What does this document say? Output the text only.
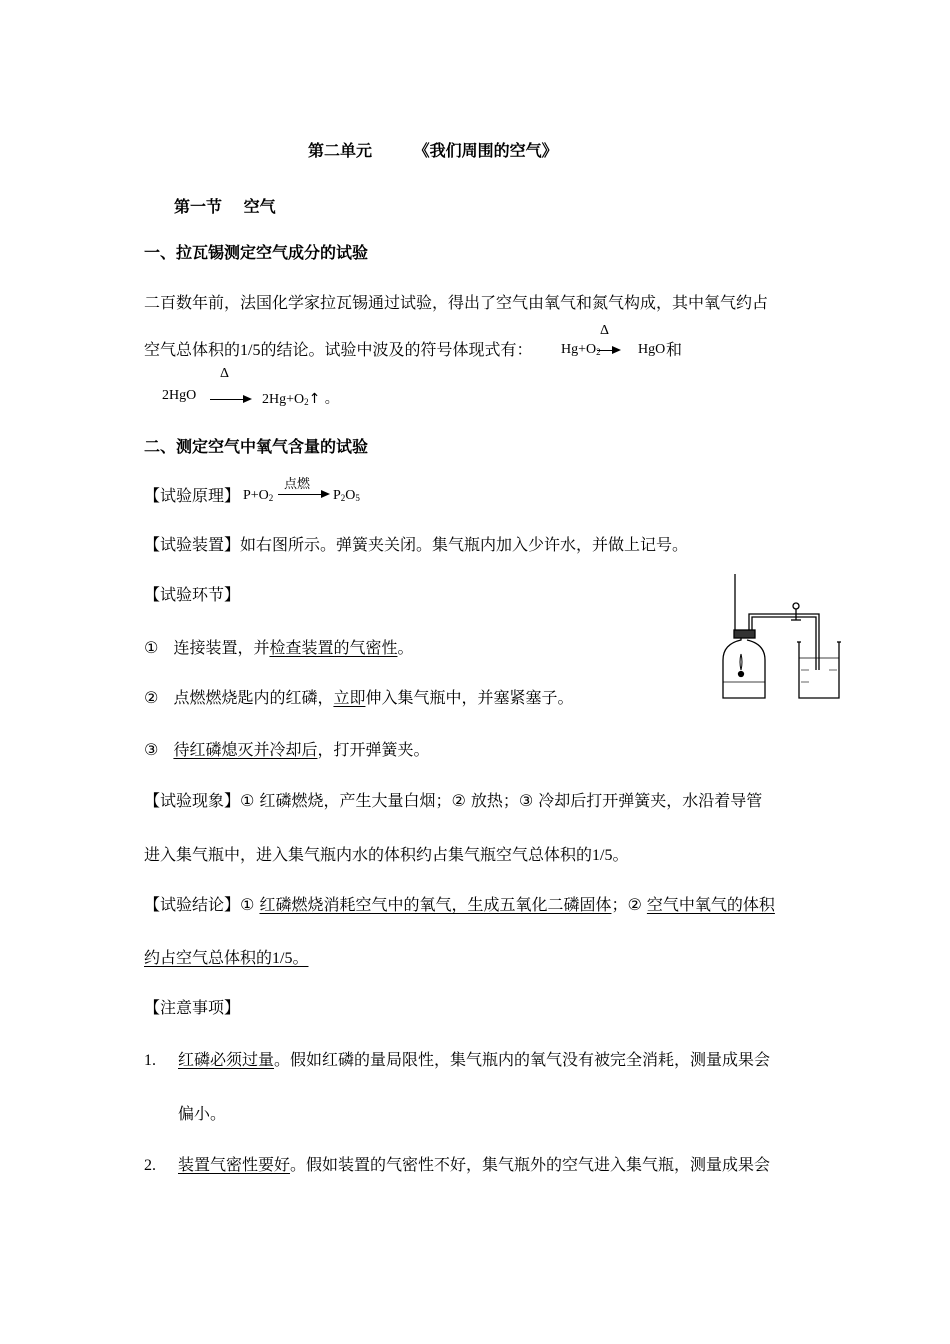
第二单元	《我们周围的空气》
第一节 空气
一、拉瓦锡测定空气成分的试验
二百数年前，法国化学家拉瓦锡通过试验，得出了空气由氧气和氮气构成，其中氧气约占
空气总体积的1/5的结论。试验中波及的符号体现式有： $Hg+O_2$
Δ
→ HgO 和
2HgO
Δ
→ $2Hg+O_2↑$ 。
二、测定空气中氧气含量的试验
【试验原理】 $P+O_2$
点燃
→ $P_2O_5$
【试验装置】如右图所示。弹簧夹关闭。集气瓶内加入少许水，并做上记号。
【试验环节】
① 连接装置，并检查装置的气密性。
② 点燃燃烧匙内的红磷，立即伸入集气瓶中，并塞紧塞子。
③ 待红磷熄灭并冷却后，打开弹簧夹。
【试验现象】① 红磷燃烧，产生大量白烟；② 放热；③ 冷却后打开弹簧夹，水沿着导管
进入集气瓶中，进入集气瓶内水的体积约占集气瓶空气总体积的1/5。
【试验结论】① 红磷燃烧消耗空气中的氧气，生成五氧化二磷固体；② 空气中氧气的体积
约占空气总体积的1/5。
【注意事项】
1. 红磷必须过量。假如红磷的量局限性，集气瓶内的氧气没有被完全消耗，测量成果会
偏小。
2. 装置气密性要好。假如装置的气密性不好，集气瓶外的空气进入集气瓶，测量成果会
